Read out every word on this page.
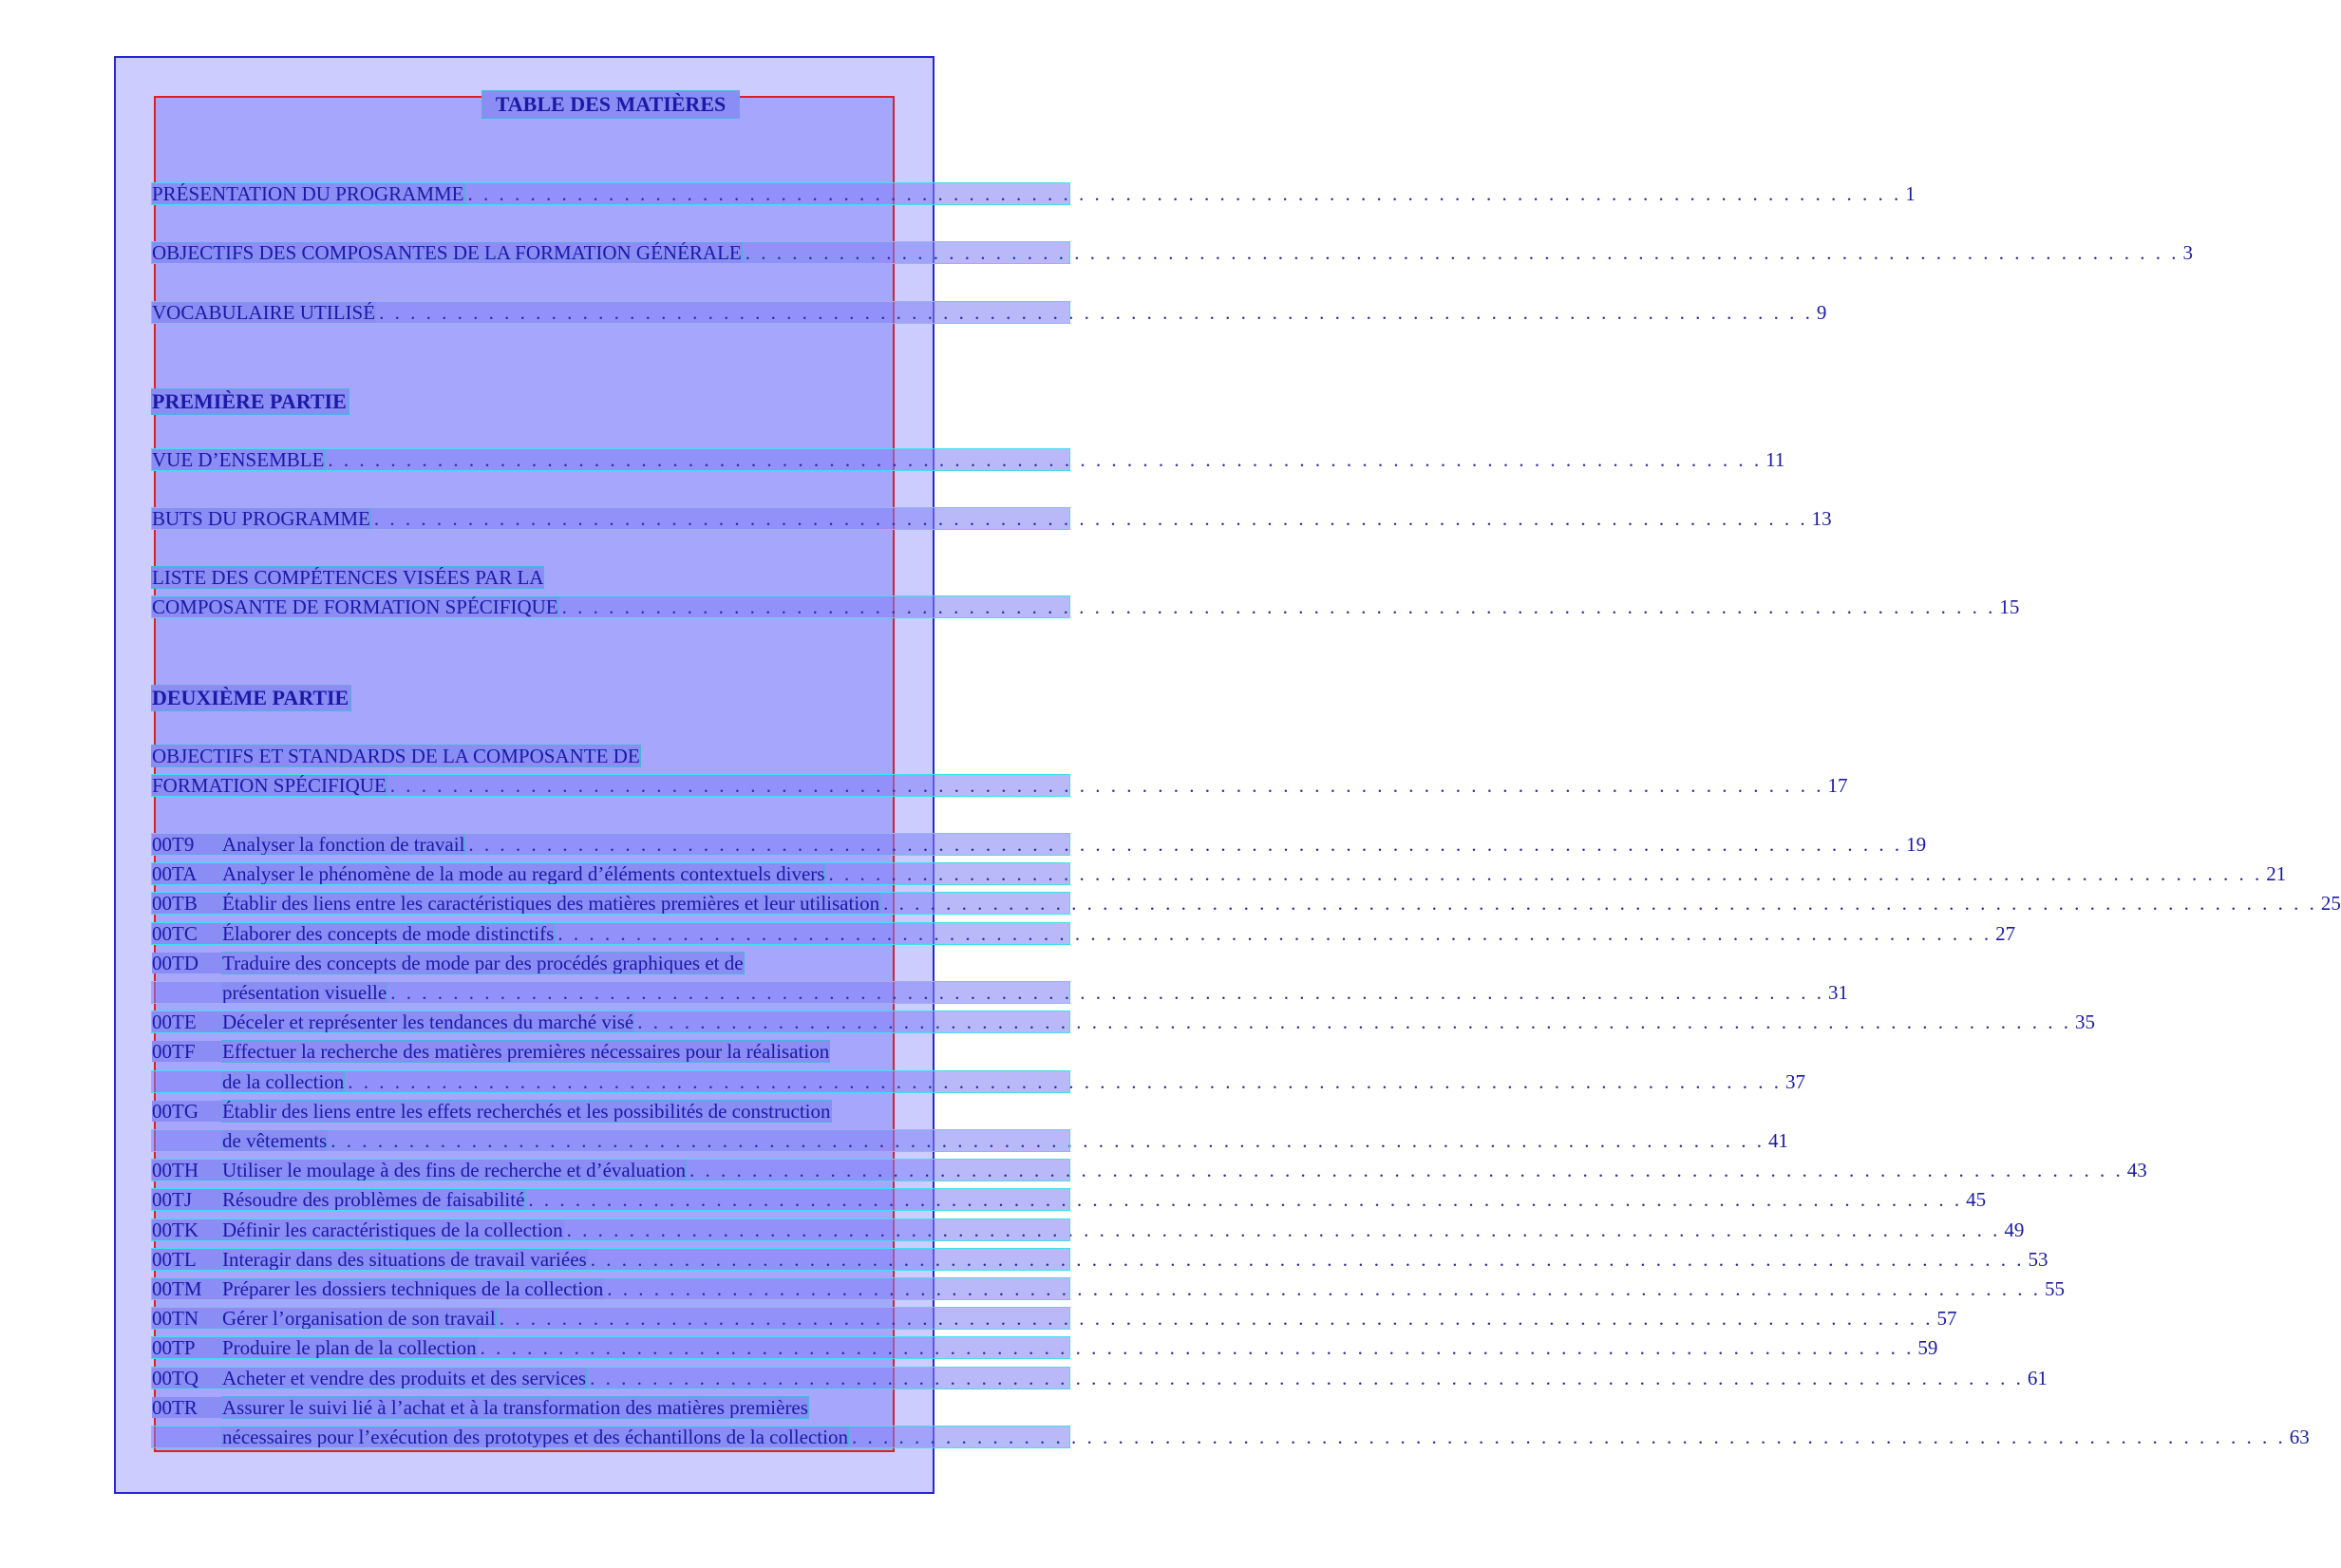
TABLE DES MATIÈRES
PRÉSENTATION DU PROGRAMME . . . . . . . . . . . . . . . . . . . . . . . . . . . . . . . . . . . . . . . . . . . . . . . . . . . . . . . . . . . . . . . . . . . . . . . . . . . . . . . . . . . . . . . . . . . . 1
OBJECTIFS DES COMPOSANTES DE LA FORMATION GÉNÉRALE . . . . . . . . . . . . . . . . . . . . . . . . . . . . . . . . . . . . . . . . . . . . . . . . . . . . . . . . . . . . . . . . . . . . . . . . . . . . . . . . . . . . . . . . . . . . 3
VOCABULAIRE UTILISÉ . . . . . . . . . . . . . . . . . . . . . . . . . . . . . . . . . . . . . . . . . . . . . . . . . . . . . . . . . . . . . . . . . . . . . . . . . . . . . . . . . . . . . . . . . . . . 9
PREMIÈRE PARTIE
VUE D’ENSEMBLE . . . . . . . . . . . . . . . . . . . . . . . . . . . . . . . . . . . . . . . . . . . . . . . . . . . . . . . . . . . . . . . . . . . . . . . . . . . . . . . . . . . . . . . . . . . . 11
BUTS DU PROGRAMME . . . . . . . . . . . . . . . . . . . . . . . . . . . . . . . . . . . . . . . . . . . . . . . . . . . . . . . . . . . . . . . . . . . . . . . . . . . . . . . . . . . . . . . . . . . . 13
LISTE DES COMPÉTENCES VISÉES PAR LA
COMPOSANTE DE FORMATION SPÉCIFIQUE . . . . . . . . . . . . . . . . . . . . . . . . . . . . . . . . . . . . . . . . . . . . . . . . . . . . . . . . . . . . . . . . . . . . . . . . . . . . . . . . . . . . . . . . . . . . 15
DEUXIÈME PARTIE
OBJECTIFS ET STANDARDS DE LA COMPOSANTE DE
FORMATION SPÉCIFIQUE . . . . . . . . . . . . . . . . . . . . . . . . . . . . . . . . . . . . . . . . . . . . . . . . . . . . . . . . . . . . . . . . . . . . . . . . . . . . . . . . . . . . . . . . . . . . 17
00T9	Analyser la fonction de travail . . . . . . . . . . . . . . . . . . . . . . . . . . . . . . . . . . . . . . . . . . . . . . . . . . . . . . . . . . . . . . . . . . . . . . . . . . . . . . . . . . . . . . . . . . . . 19
00TA	Analyser le phénomène de la mode au regard d’éléments contextuels divers . . . . . . . . . . . . . . . . . . . . . . . . . . . . . . . . . . . . . . . . . . . . . . . . . . . . . . . . . . . . . . . . . . . . . . . . . . . . . . . . . . . . . . . . . . . . 21
00TB	Établir des liens entre les caractéristiques des matières premières et leur utilisation . . . . . . . . . . . . . . . . . . . . . . . . . . . . . . . . . . . . . . . . . . . . . . . . . . . . . . . . . . . . . . . . . . . . . . . . . . . . . . . . . . . . . . . . . . . . 25
00TC	Élaborer des concepts de mode distinctifs . . . . . . . . . . . . . . . . . . . . . . . . . . . . . . . . . . . . . . . . . . . . . . . . . . . . . . . . . . . . . . . . . . . . . . . . . . . . . . . . . . . . . . . . . . . . 27
00TD	Traduire des concepts de mode par des procédés graphiques et de
présentation visuelle . . . . . . . . . . . . . . . . . . . . . . . . . . . . . . . . . . . . . . . . . . . . . . . . . . . . . . . . . . . . . . . . . . . . . . . . . . . . . . . . . . . . . . . . . . . . 31
00TE	Déceler et représenter les tendances du marché visé . . . . . . . . . . . . . . . . . . . . . . . . . . . . . . . . . . . . . . . . . . . . . . . . . . . . . . . . . . . . . . . . . . . . . . . . . . . . . . . . . . . . . . . . . . . . 35
00TF	Effectuer la recherche des matières premières nécessaires pour la réalisation
de la collection . . . . . . . . . . . . . . . . . . . . . . . . . . . . . . . . . . . . . . . . . . . . . . . . . . . . . . . . . . . . . . . . . . . . . . . . . . . . . . . . . . . . . . . . . . . . 37
00TG	Établir des liens entre les effets recherchés et les possibilités de construction
de vêtements . . . . . . . . . . . . . . . . . . . . . . . . . . . . . . . . . . . . . . . . . . . . . . . . . . . . . . . . . . . . . . . . . . . . . . . . . . . . . . . . . . . . . . . . . . . . 41
00TH	Utiliser le moulage à des fins de recherche et d’évaluation . . . . . . . . . . . . . . . . . . . . . . . . . . . . . . . . . . . . . . . . . . . . . . . . . . . . . . . . . . . . . . . . . . . . . . . . . . . . . . . . . . . . . . . . . . . . 43
00TJ	Résoudre des problèmes de faisabilité . . . . . . . . . . . . . . . . . . . . . . . . . . . . . . . . . . . . . . . . . . . . . . . . . . . . . . . . . . . . . . . . . . . . . . . . . . . . . . . . . . . . . . . . . . . . 45
00TK	Définir les caractéristiques de la collection . . . . . . . . . . . . . . . . . . . . . . . . . . . . . . . . . . . . . . . . . . . . . . . . . . . . . . . . . . . . . . . . . . . . . . . . . . . . . . . . . . . . . . . . . . . . 49
00TL	Interagir dans des situations de travail variées . . . . . . . . . . . . . . . . . . . . . . . . . . . . . . . . . . . . . . . . . . . . . . . . . . . . . . . . . . . . . . . . . . . . . . . . . . . . . . . . . . . . . . . . . . . . 53
00TM	Préparer les dossiers techniques de la collection . . . . . . . . . . . . . . . . . . . . . . . . . . . . . . . . . . . . . . . . . . . . . . . . . . . . . . . . . . . . . . . . . . . . . . . . . . . . . . . . . . . . . . . . . . . . 55
00TN	Gérer l’organisation de son travail . . . . . . . . . . . . . . . . . . . . . . . . . . . . . . . . . . . . . . . . . . . . . . . . . . . . . . . . . . . . . . . . . . . . . . . . . . . . . . . . . . . . . . . . . . . . 57
00TP	Produire le plan de la collection . . . . . . . . . . . . . . . . . . . . . . . . . . . . . . . . . . . . . . . . . . . . . . . . . . . . . . . . . . . . . . . . . . . . . . . . . . . . . . . . . . . . . . . . . . . . 59
00TQ	Acheter et vendre des produits et des services . . . . . . . . . . . . . . . . . . . . . . . . . . . . . . . . . . . . . . . . . . . . . . . . . . . . . . . . . . . . . . . . . . . . . . . . . . . . . . . . . . . . . . . . . . . . 61
00TR	Assurer le suivi lié à l’achat et à la transformation des matières premières
nécessaires pour l’exécution des prototypes et des échantillons de la collection . . . . . . . . . . . . . . . . . . . . . . . . . . . . . . . . . . . . . . . . . . . . . . . . . . . . . . . . . . . . . . . . . . . . . . . . . . . . . . . . . . . . . . . . . . . . 63
